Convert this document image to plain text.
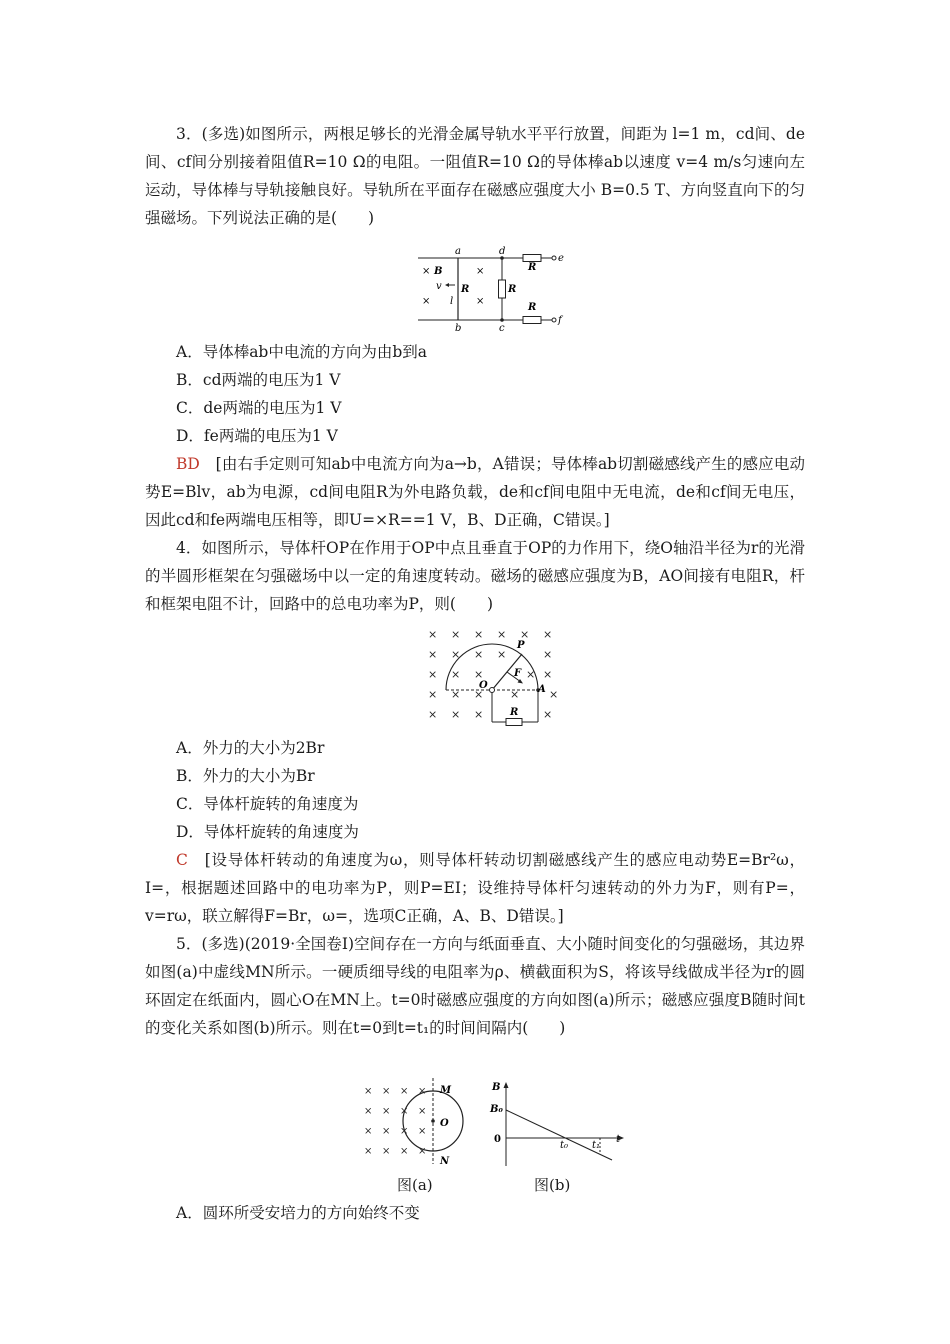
3．(多选)如图所示，两根足够长的光滑金属导轨水平平行放置，间距为 l=1 m，cd间、de间、cf间分别接着阻值R=10 Ω的电阻。一阻值R=10 Ω的导体棒ab以速度 v=4 m/s匀速向左运动，导体棒与导轨接触良好。导轨所在平面存在磁感应强度大小 B=0.5 T、方向竖直向下的匀强磁场。下列说法正确的是(　　)

a
b
d
c
e
f
B
v
l
R	R
R
R
×
×
×
×

A．导体棒ab中电流的方向为由b到a

B．cd两端的电压为1 V

C．de两端的电压为1 V

D．fe两端的电压为1 V

BD　[由右手定则可知ab中电流方向为a→b，A错误；导体棒ab切割磁感线产生的感应电动势E=Blv，ab为电源，cd间电阻R为外电路负载，de和cf间电阻中无电流，de和cf间无电压，因此cd和fe两端电压相等，即U=×R==1 V，B、D正确，C错误。]

4．如图所示，导体杆OP在作用于OP中点且垂直于OP的力作用下，绕O轴沿半径为r的光滑的半圆形框架在匀强磁场中以一定的角速度转动。磁场的磁感应强度为B，AO间接有电阻R，杆和框架电阻不计，回路中的总电功率为P，则(　　)

P
F
O	A
R
× × × × × ×
× × × ×	×
× × ×	× ×
× × × ×	×
× × ×	×

A．外力的大小为2Br

B．外力的大小为Br

C．导体杆旋转的角速度为

D．导体杆旋转的角速度为

C　[设导体杆转动的角速度为ω，则导体杆转动切割磁感线产生的感应电动势E=Br²ω，I=，根据题述回路中的电功率为P，则P=EI；设维持导体杆匀速转动的外力为F，则有P=，v=rω，联立解得F=Br，ω=，选项C正确，A、B、D错误。]

5．(多选)(2019·全国卷Ⅰ)空间存在一方向与纸面垂直、大小随时间变化的匀强磁场，其边界如图(a)中虚线MN所示。一硬质细导线的电阻率为ρ、横截面积为S，将该导线做成半径为r的圆环固定在纸面内，圆心O在MN上。t=0时磁感应强度的方向如图(a)所示；磁感应强度B随时间t的变化关系如图(b)所示。则在t=0到t=t₁的时间间隔内(　　)

M
O
N
× × × ×
× × × ×
× × × ×
× × × ×
B
B₀
0
t₀ t₁
t
图(a)	图(b)

A．圆环所受安培力的方向始终不变
